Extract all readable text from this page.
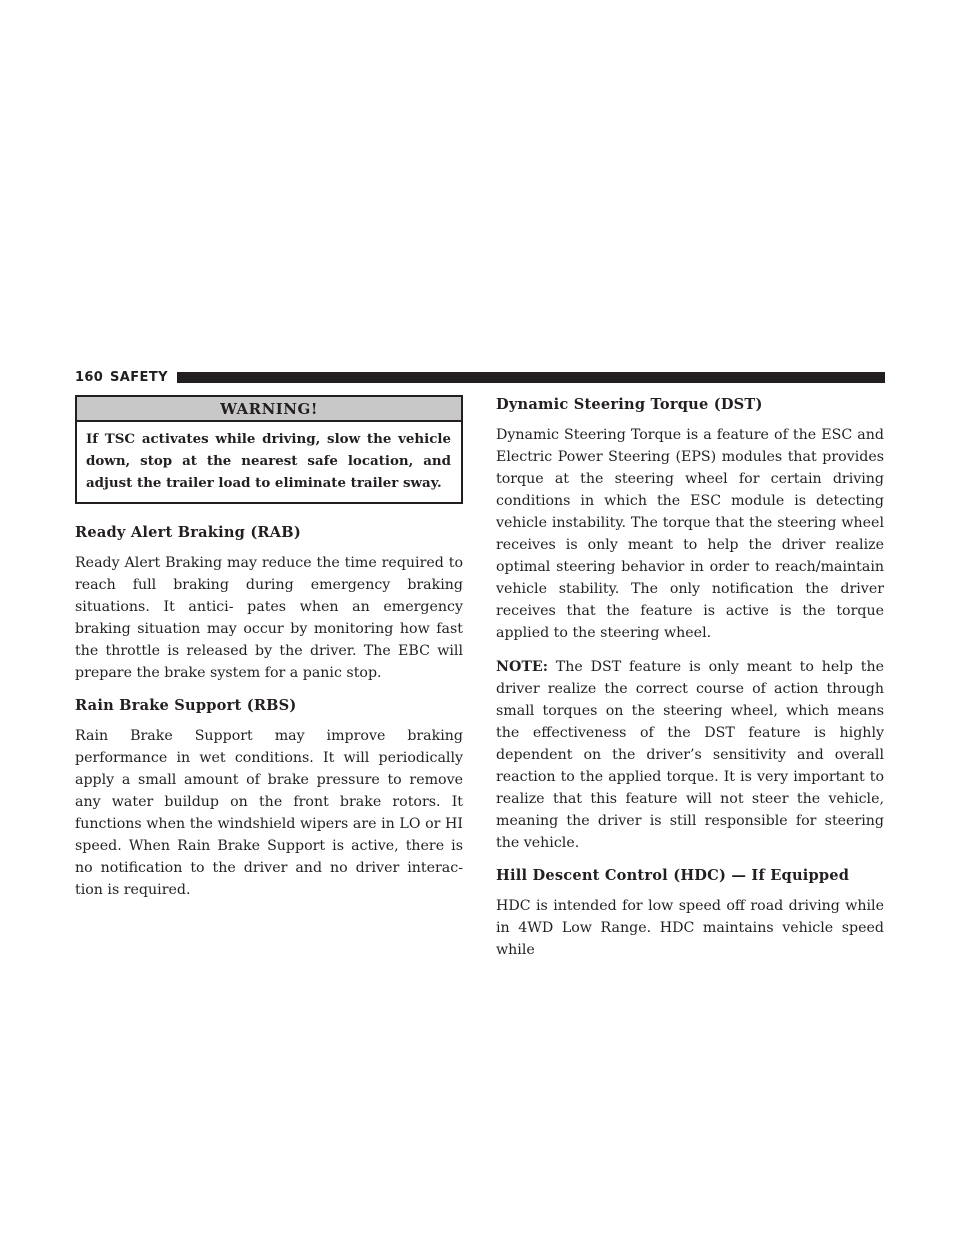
160 SAFETY
WARNING!
If TSC activates while driving, slow the vehicle down, stop at the nearest safe location, and adjust the trailer load to eliminate trailer sway.
Ready Alert Braking (RAB)

Ready Alert Braking may reduce the time required to reach full braking during emergency braking situations. It antici- pates when an emergency braking situation may occur by monitoring how fast the throttle is released by the driver. The EBC will prepare the brake system for a panic stop.

Rain Brake Support (RBS)

Rain Brake Support may improve braking performance in wet conditions. It will periodically apply a small amount of brake pressure to remove any water buildup on the front brake rotors. It functions when the windshield wipers are in LO or HI speed. When Rain Brake Support is active, there is no notification to the driver and no driver interac- tion is required.

Dynamic Steering Torque (DST)

Dynamic Steering Torque is a feature of the ESC and Electric Power Steering (EPS) modules that provides torque at the steering wheel for certain driving conditions in which the ESC module is detecting vehicle instability. The torque that the steering wheel receives is only meant to help the driver realize optimal steering behavior in order to reach/maintain vehicle stability. The only notification the driver receives that the feature is active is the torque applied to the steering wheel.

NOTE: The DST feature is only meant to help the driver realize the correct course of action through small torques on the steering wheel, which means the effectiveness of the DST feature is highly dependent on the driver’s sensitivity and overall reaction to the applied torque. It is very important to realize that this feature will not steer the vehicle, meaning the driver is still responsible for steering the vehicle.

Hill Descent Control (HDC) — If Equipped

HDC is intended for low speed off road driving while in 4WD Low Range. HDC maintains vehicle speed while
